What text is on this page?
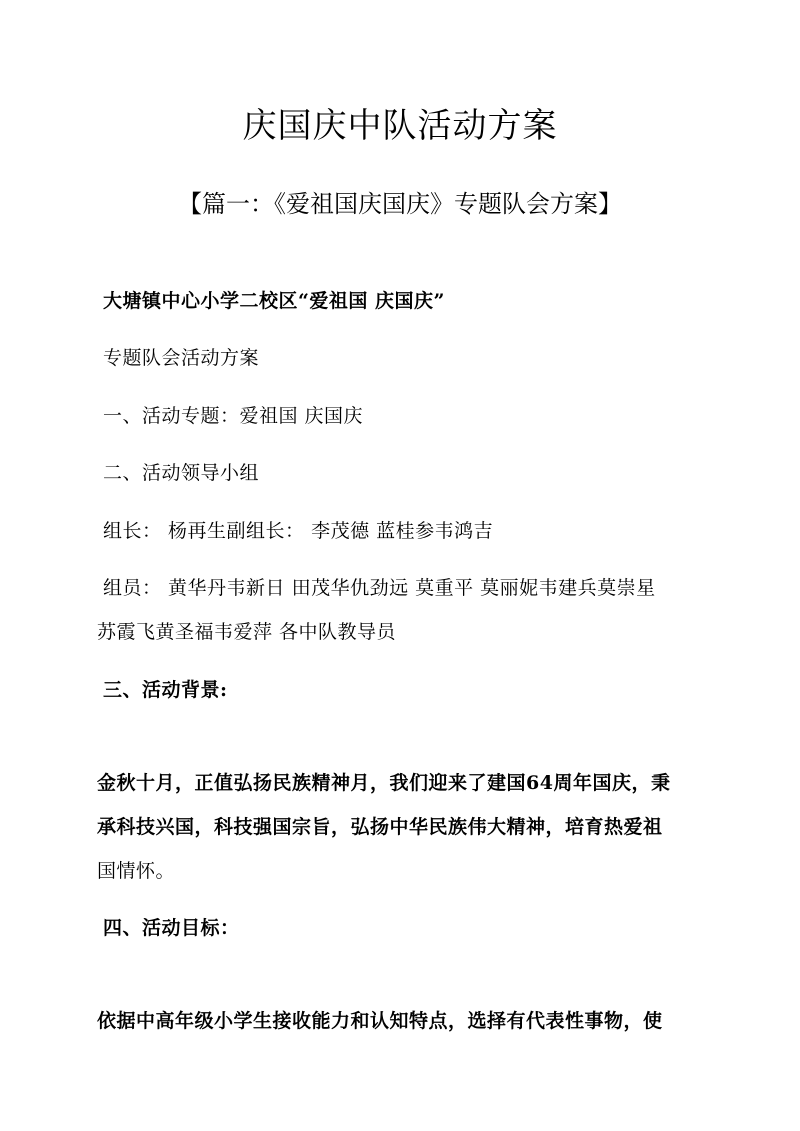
庆国庆中队活动方案
【篇一：《爱祖国庆国庆》专题队会方案】

大塘镇中心小学二校区“爱祖国 庆国庆”

专题队会活动方案

一、活动专题：爱祖国 庆国庆

二、活动领导小组

组长： 杨再生副组长： 李茂德 蓝桂参韦鸿吉

组员： 黄华丹韦新日 田茂华仇劲远 莫重平 莫丽妮韦建兵莫崇星

苏霞飞黄圣福韦爱萍 各中队教导员

三、活动背景:

金秋十月，正值弘扬民族精神月，我们迎来了建国64周年国庆，秉

承科技兴国，科技强国宗旨，弘扬中华民族伟大精神，培育热爱祖

国情怀。

四、活动目标：

依据中高年级小学生接收能力和认知特点，选择有代表性事物，使
